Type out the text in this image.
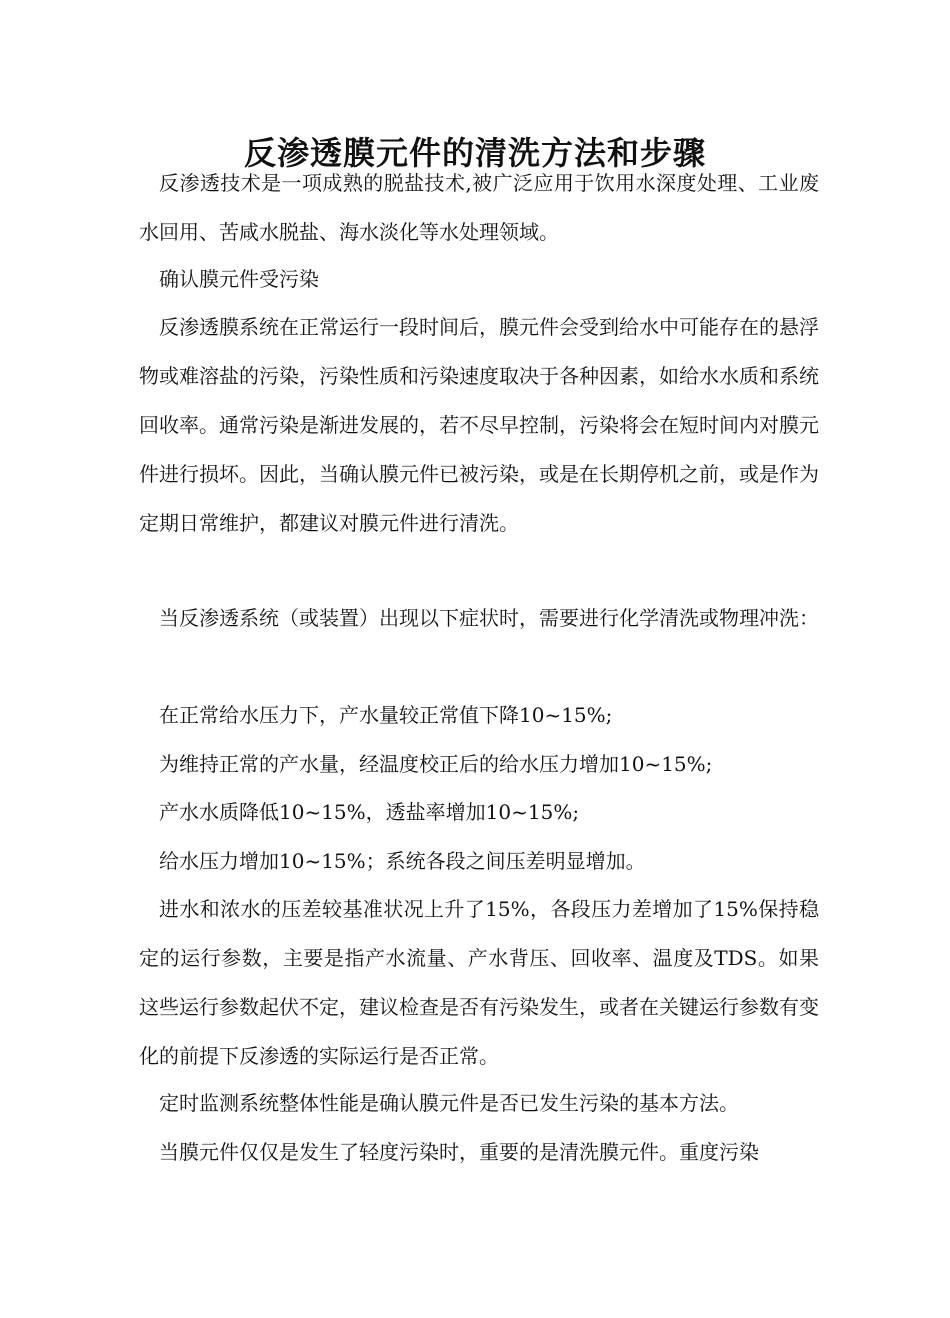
反渗透膜元件的清洗方法和步骤

反渗透技术是一项成熟的脱盐技术,被广泛应用于饮用水深度处理、工业废水回用、苦咸水脱盐、海水淡化等水处理领域。

确认膜元件受污染

反渗透膜系统在正常运行一段时间后，膜元件会受到给水中可能存在的悬浮物或难溶盐的污染，污染性质和污染速度取决于各种因素，如给水水质和系统回收率。通常污染是渐进发展的，若不尽早控制，污染将会在短时间内对膜元件进行损坏。因此，当确认膜元件已被污染，或是在长期停机之前，或是作为定期日常维护，都建议对膜元件进行清洗。

当反渗透系统（或装置）出现以下症状时，需要进行化学清洗或物理冲洗：

在正常给水压力下，产水量较正常值下降10~15%;

为维持正常的产水量，经温度校正后的给水压力增加10~15%;

产水水质降低10~15%，透盐率增加10~15%;

给水压力增加10~15%；系统各段之间压差明显增加。

进水和浓水的压差较基准状况上升了15%，各段压力差增加了15%保持稳定的运行参数，主要是指产水流量、产水背压、回收率、温度及TDS。如果这些运行参数起伏不定，建议检查是否有污染发生，或者在关键运行参数有变化的前提下反渗透的实际运行是否正常。

定时监测系统整体性能是确认膜元件是否已发生污染的基本方法。

当膜元件仅仅是发生了轻度污染时，重要的是清洗膜元件。重度污染
